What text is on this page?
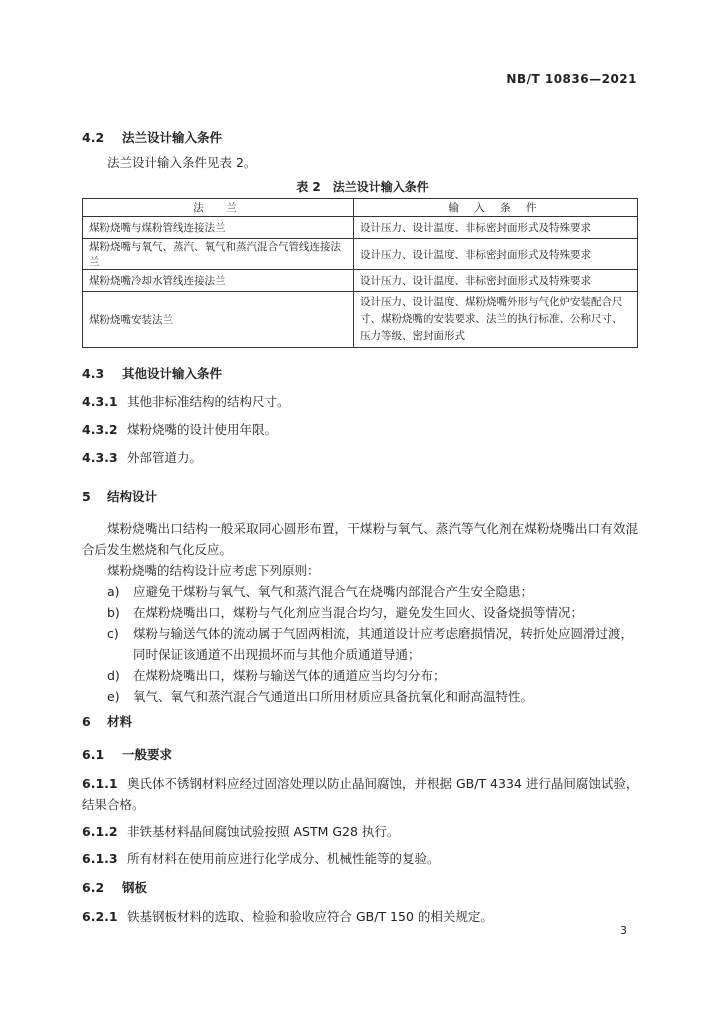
NB/T 10836—2021
4.2 法兰设计输入条件
法兰设计输入条件见表 2。
表 2　法兰设计输入条件
法　兰	输 入 条 件
煤粉烧嘴与煤粉管线连接法兰	设计压力、设计温度、非标密封面形式及特殊要求
煤粉烧嘴与氧气、蒸汽、氧气和蒸汽混合气管线连接法兰	设计压力、设计温度、非标密封面形式及特殊要求
煤粉烧嘴冷却水管线连接法兰	设计压力、设计温度、非标密封面形式及特殊要求
煤粉烧嘴安装法兰	设计压力、设计温度、煤粉烧嘴外形与气化炉安装配合尺寸、煤粉烧嘴的安装要求、法兰的执行标准、公称尺寸、压力等级、密封面形式
4.3 其他设计输入条件
4.3.1 其他非标准结构的结构尺寸。
4.3.2 煤粉烧嘴的设计使用年限。
4.3.3 外部管道力。
5 结构设计
煤粉烧嘴出口结构一般采取同心圆形布置，干煤粉与氧气、蒸汽等气化剂在煤粉烧嘴出口有效混合后发生燃烧和气化反应。
煤粉烧嘴的结构设计应考虑下列原则：
a) 应避免干煤粉与氧气、氧气和蒸汽混合气在烧嘴内部混合产生安全隐患；
b) 在煤粉烧嘴出口，煤粉与气化剂应当混合均匀，避免发生回火、设备烧损等情况；
c) 煤粉与输送气体的流动属于气固两相流，其通道设计应考虑磨损情况，转折处应圆滑过渡，
同时保证该通道不出现损坏而与其他介质通道导通；
d) 在煤粉烧嘴出口，煤粉与输送气体的通道应当均匀分布；
e) 氧气、氧气和蒸汽混合气通道出口所用材质应具备抗氧化和耐高温特性。
6 材料
6.1 一般要求
6.1.1 奥氏体不锈钢材料应经过固溶处理以防止晶间腐蚀，并根据 GB/T 4334 进行晶间腐蚀试验，
结果合格。
6.1.2 非铁基材料晶间腐蚀试验按照 ASTM G28 执行。
6.1.3 所有材料在使用前应进行化学成分、机械性能等的复验。
6.2 钢板
6.2.1 铁基钢板材料的选取、检验和验收应符合 GB/T 150 的相关规定。
3
